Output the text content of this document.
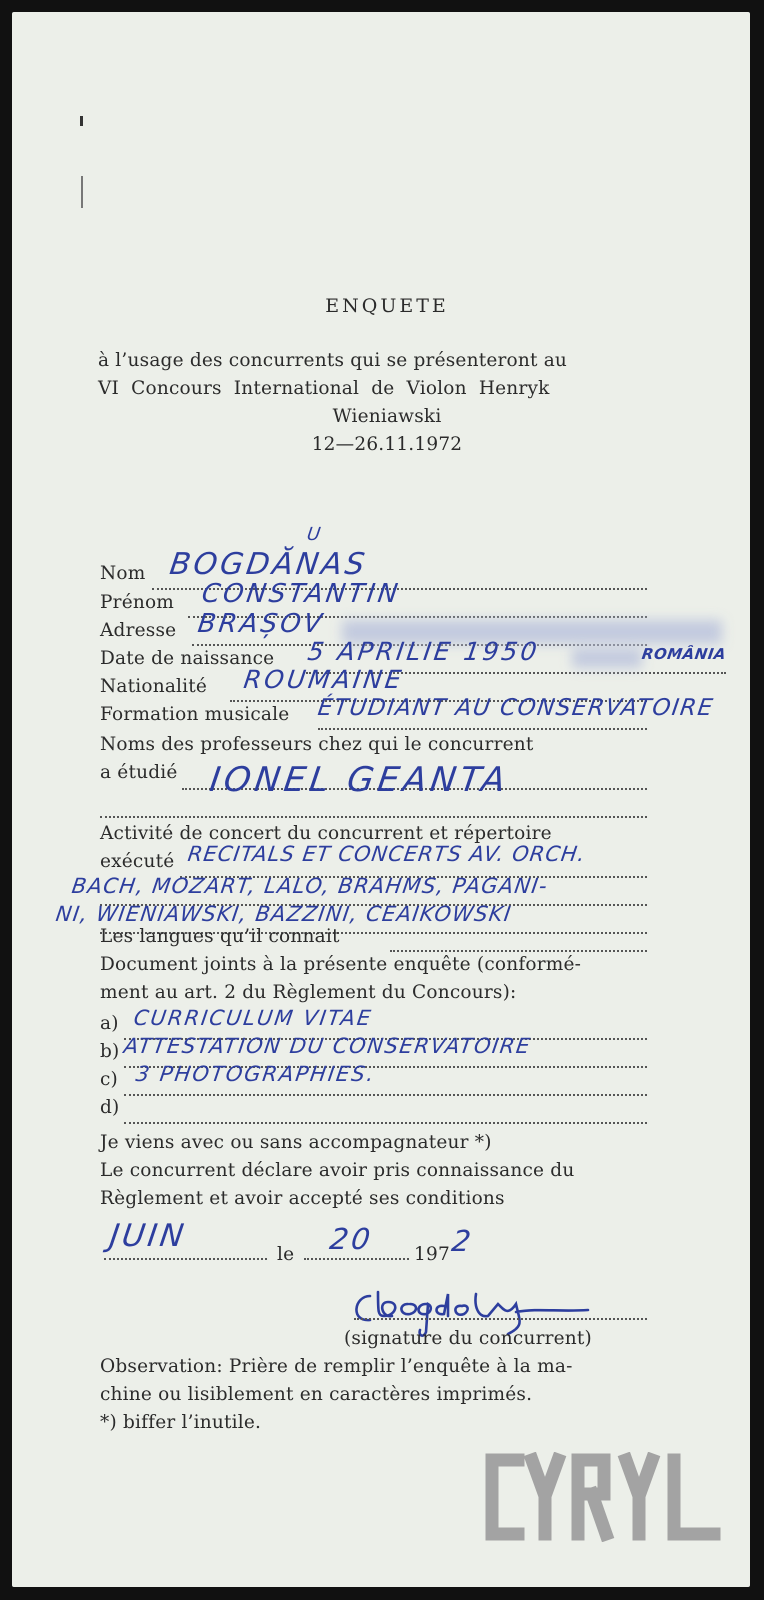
ENQUETE
à l’usage des concurrents qui se présenteront au
VI Concours International de Violon Henryk
Wieniawski
12—26.11.1972
Nom
U
BOGDĂNAS
Prénom CONSTANTIN
Adresse BRAȘOV
Date de naissance 5 APRILIE 1950	ROMÂNIA
Nationalité ROUMAINE
Formation musicale ÉTUDIANT AU CONSERVATOIRE
Noms des professeurs chez qui le concurrent
a étudié IONEL GEANTA
Activité de concert du concurrent et répertoire
exécuté RECITALS ET CONCERTS AV. ORCH.
BACH, MOZART, LALO, BRAHMS, PAGANI-
NI, WIENIAWSKI, BAZZINI, CEAIKOWSKI
Les langues qu’il connait
Document joints à la présente enquête (conformé-
ment au art. 2 du Règlement du Concours):
a) CURRICULUM VITAE
b) ATTESTATION DU CONSERVATOIRE
c) 3 PHOTOGRAPHIES.
d)
Je viens avec ou sans accompagnateur *)
Le concurrent déclare avoir pris connaissance du
Règlement et avoir accepté ses conditions
JUIN
le 20 197 2
(signature du concurrent)
Observation: Prière de remplir l’enquête à la ma-
chine ou lisiblement en caractères imprimés.
*) biffer l’inutile.
